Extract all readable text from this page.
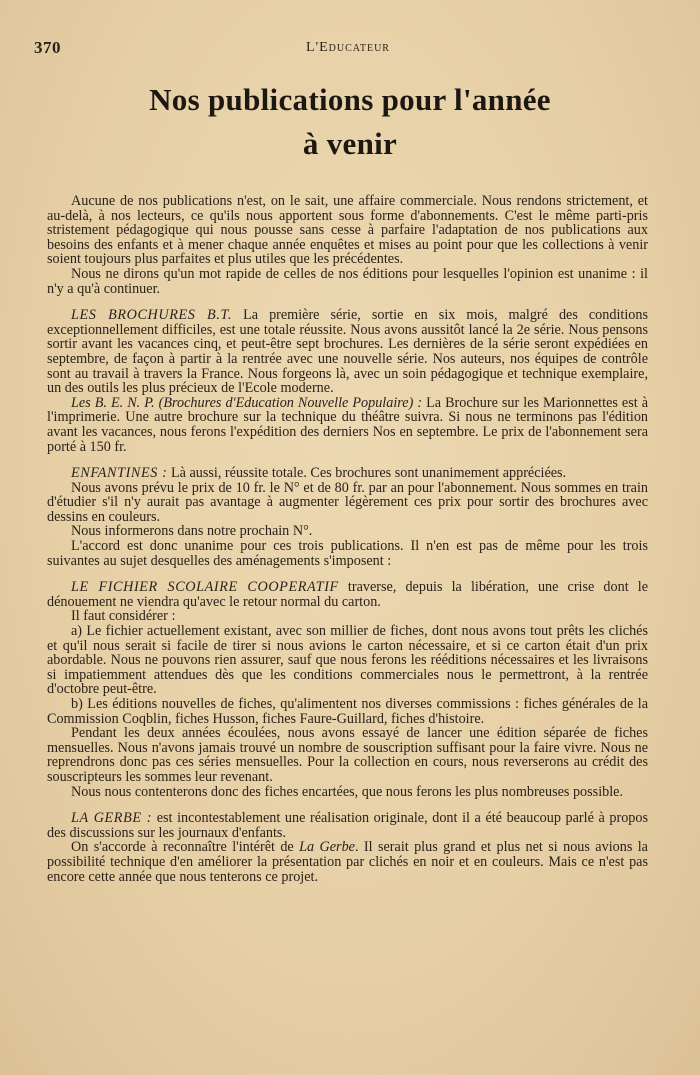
370	L'Educateur
Nos publications pour l'année
à venir

Aucune de nos publications n'est, on le sait, une affaire commerciale. Nous rendons strictement, et au-delà, à nos lecteurs, ce qu'ils nous apportent sous forme d'abonnements. C'est le même parti-pris stristement pédagogique qui nous pousse sans cesse à parfaire l'adaptation de nos publications aux besoins des enfants et à mener chaque année enquêtes et mises au point pour que les collections à venir soient toujours plus parfaites et plus utiles que les précédentes.

Nous ne dirons qu'un mot rapide de celles de nos éditions pour lesquelles l'opinion est unanime : il n'y a qu'à continuer.

LES BROCHURES B.T. La première série, sortie en six mois, malgré des conditions exceptionnellement difficiles, est une totale réussite. Nous avons aussitôt lancé la 2e série. Nous pensons sortir avant les vacances cinq, et peut-être sept brochures. Les dernières de la série seront expédiées en septembre, de façon à partir à la rentrée avec une nouvelle série. Nos auteurs, nos équipes de contrôle sont au travail à travers la France. Nous forgeons là, avec un soin pédagogique et technique exemplaire, un des outils les plus précieux de l'Ecole moderne.

Les B. E. N. P. (Brochures d'Education Nouvelle Populaire) : La Brochure sur les Marionnettes est à l'imprimerie. Une autre brochure sur la technique du théâtre suivra. Si nous ne terminons pas l'édition avant les vacances, nous ferons l'expédition des derniers Nos en septembre. Le prix de l'abonnement sera porté à 150 fr.

ENFANTINES : Là aussi, réussite totale. Ces brochures sont unanimement appréciées.

Nous avons prévu le prix de 10 fr. le N° et de 80 fr. par an pour l'abonnement. Nous sommes en train d'étudier s'il n'y aurait pas avantage à augmenter légèrement ces prix pour sortir des brochures avec dessins en couleurs.

Nous informerons dans notre prochain N°.

L'accord est donc unanime pour ces trois publications. Il n'en est pas de même pour les trois suivantes au sujet desquelles des aménagements s'imposent :

LE FICHIER SCOLAIRE COOPERATIF traverse, depuis la libération, une crise dont le dénouement ne viendra qu'avec le retour normal du carton.

Il faut considérer :

a) Le fichier actuellement existant, avec son millier de fiches, dont nous avons tout prêts les clichés et qu'il nous serait si facile de tirer si nous avions le carton nécessaire, et si ce carton était d'un prix abordable. Nous ne pouvons rien assurer, sauf que nous ferons les rééditions nécessaires et les livraisons si impatiemment attendues dès que les conditions commerciales nous le permettront, à la rentrée d'octobre peut-être.

b) Les éditions nouvelles de fiches, qu'alimentent nos diverses commissions : fiches générales de la Commission Coqblin, fiches Husson, fiches Faure-Guillard, fiches d'histoire.

Pendant les deux années écoulées, nous avons essayé de lancer une édition séparée de fiches mensuelles. Nous n'avons jamais trouvé un nombre de souscription suffisant pour la faire vivre. Nous ne reprendrons donc pas ces séries mensuelles. Pour la collection en cours, nous reverserons au crédit des souscripteurs les sommes leur revenant.

Nous nous contenterons donc des fiches encartées, que nous ferons les plus nombreuses possible.

LA GERBE : est incontestablement une réalisation originale, dont il a été beaucoup parlé à propos des discussions sur les journaux d'enfants.

On s'accorde à reconnaître l'intérêt de La Gerbe. Il serait plus grand et plus net si nous avions la possibilité technique d'en améliorer la présentation par clichés en noir et en couleurs. Mais ce n'est pas encore cette année que nous tenterons ce projet.
